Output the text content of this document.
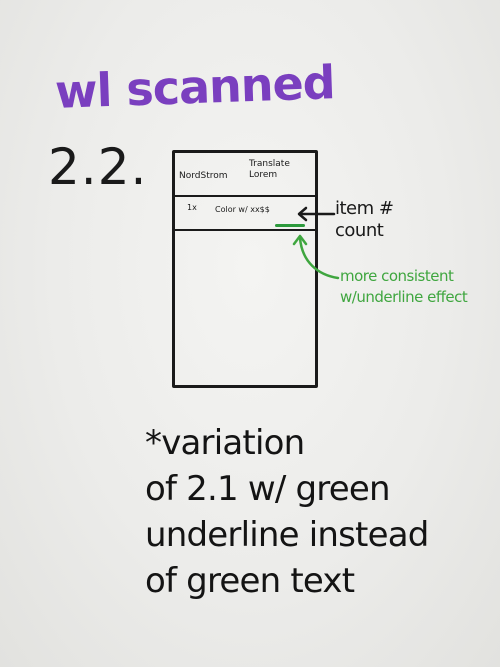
wl scanned
2.2.	NordStrom
Translate Lorem
1x Color w/ xx$$	item #
count
more consistent
w/underline effect
*variation
of 2.1 w/ green
underline instead
of green text
